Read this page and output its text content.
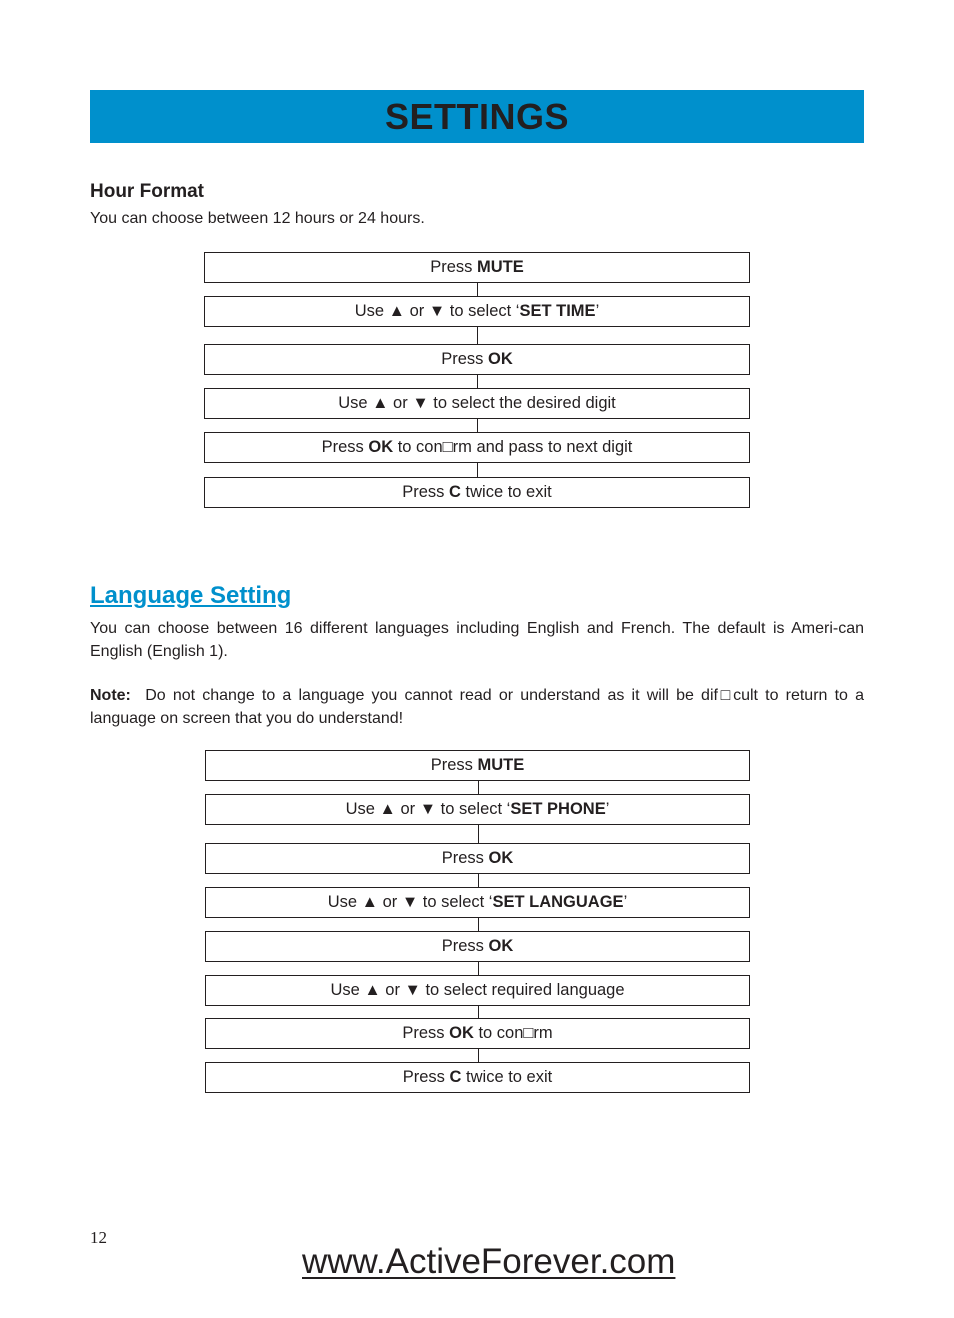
SETTINGS
Hour Format
You can choose between 12 hours or 24 hours.
Press MUTE
Use ▲ or ▼ to select ‘SET TIME’
Press OK
Use ▲ or ▼ to select the desired digit
Press OK to con□rm and pass to next digit
Press C twice to exit
Language Setting
You can choose between 16 different languages including English and French. The default is Ameri-can English (English 1).
Note: Do not change to a language you cannot read or understand as it will be dif□cult to return to a language on screen that you do understand!
Press MUTE
Use ▲ or ▼ to select ‘SET PHONE’
Press OK
Use ▲ or ▼ to select ‘SET LANGUAGE’
Press OK
Use ▲ or ▼ to select required language
Press OK to con□rm
Press C twice to exit
12
www.ActiveForever.com
